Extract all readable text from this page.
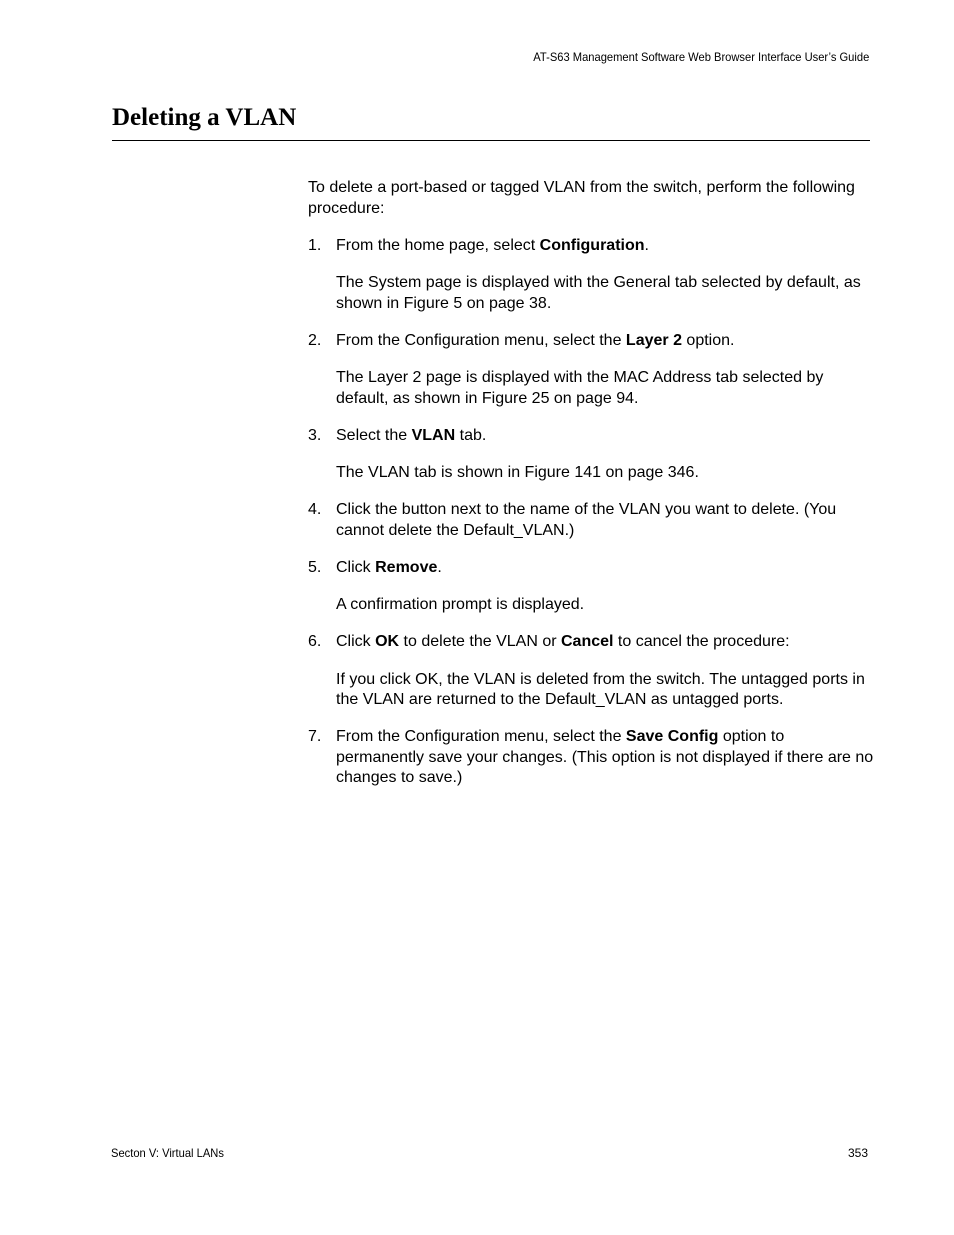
AT-S63 Management Software Web Browser Interface User’s Guide
Deleting a VLAN

To delete a port-based or tagged VLAN from the switch, perform the following procedure:

1. From the home page, select Configuration.

The System page is displayed with the General tab selected by default, as shown in Figure 5 on page 38.

2. From the Configuration menu, select the Layer 2 option.

The Layer 2 page is displayed with the MAC Address tab selected by default, as shown in Figure 25 on page 94.

3. Select the VLAN tab.

The VLAN tab is shown in Figure 141 on page 346.

4. Click the button next to the name of the VLAN you want to delete. (You cannot delete the Default_VLAN.)

5. Click Remove.

A confirmation prompt is displayed.

6. Click OK to delete the VLAN or Cancel to cancel the procedure:

If you click OK, the VLAN is deleted from the switch. The untagged ports in the VLAN are returned to the Default_VLAN as untagged ports.

7. From the Configuration menu, select the Save Config option to permanently save your changes. (This option is not displayed if there are no changes to save.)

Secton V: Virtual LANs	353
